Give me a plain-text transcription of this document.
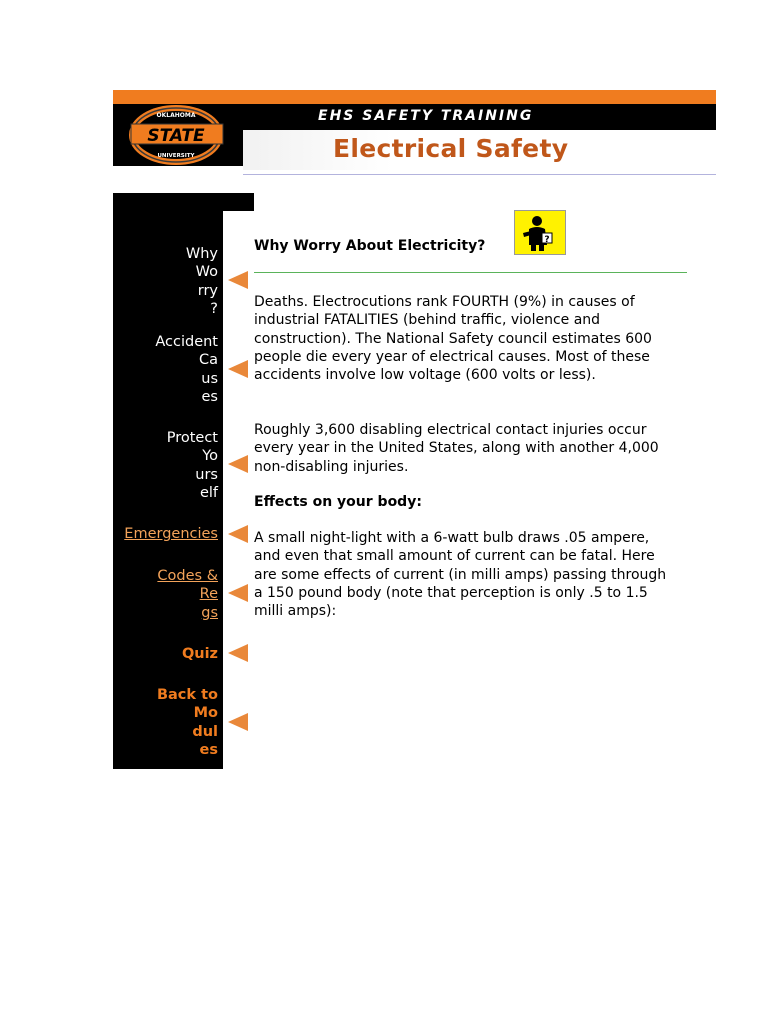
OKLAHOMA
STATE
UNIVERSITY
EHS SAFETY TRAINING
Electrical Safety
Why
Wo
rry
?
Accident
Ca
us
es
Protect
Yo
urs
elf
Emergencies
Codes &
Re
gs
Quiz
Back to
Mo
dul
es
Why Worry About Electricity?	?
Deaths. Electrocutions rank FOURTH (9%) in causes of industrial FATALITIES (behind traffic, violence and construction). The National Safety council estimates 600 people die every year of electrical causes. Most of these accidents involve low voltage (600 volts or less).
Roughly 3,600 disabling electrical contact injuries occur every year in the United States, along with another 4,000 non-disabling injuries.
Effects on your body:
A small night-light with a 6-watt bulb draws .05 ampere, and even that small amount of current can be fatal. Here are some effects of current (in milli amps) passing through a 150 pound body (note that perception is only .5 to 1.5 milli amps):
